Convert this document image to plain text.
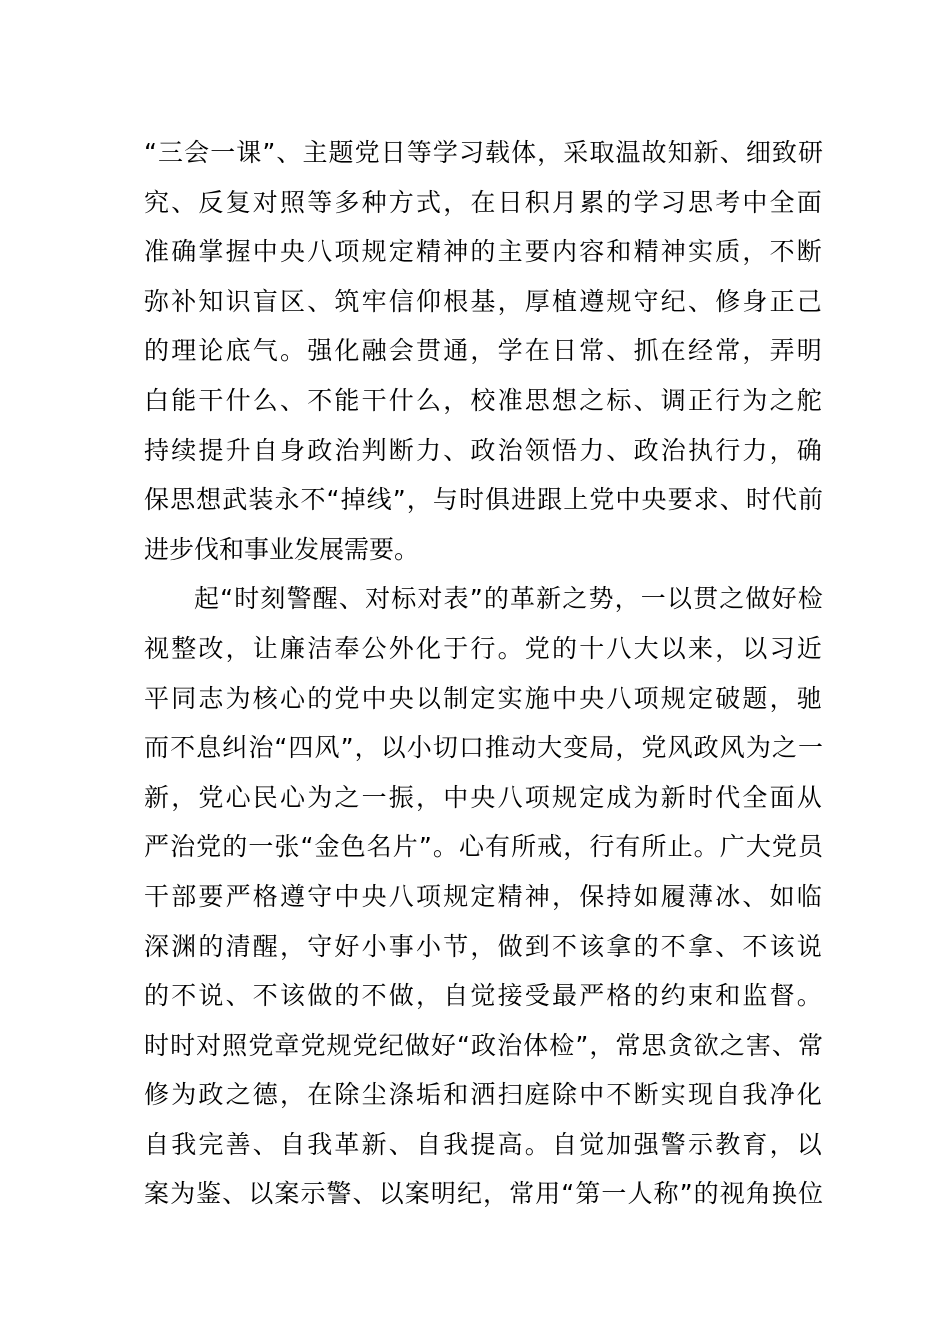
“三会一课”、主题党日等学习载体，采取温故知新、细致研
究、反复对照等多种方式，在日积月累的学习思考中全面
准确掌握中央八项规定精神的主要内容和精神实质，不断
弥补知识盲区、筑牢信仰根基，厚植遵规守纪、修身正己
的理论底气。强化融会贯通，学在日常、抓在经常，弄明
白能干什么、不能干什么，校准思想之标、调正行为之舵
持续提升自身政治判断力、政治领悟力、政治执行力，确
保思想武装永不“掉线”，与时俱进跟上党中央要求、时代前
进步伐和事业发展需要。
起“时刻警醒、对标对表”的革新之势，一以贯之做好检
视整改，让廉洁奉公外化于行。党的十八大以来，以习近
平同志为核心的党中央以制定实施中央八项规定破题，驰
而不息纠治“四风”，以小切口推动大变局，党风政风为之一
新，党心民心为之一振，中央八项规定成为新时代全面从
严治党的一张“金色名片”。心有所戒，行有所止。广大党员
干部要严格遵守中央八项规定精神，保持如履薄冰、如临
深渊的清醒，守好小事小节，做到不该拿的不拿、不该说
的不说、不该做的不做，自觉接受最严格的约束和监督。
时时对照党章党规党纪做好“政治体检”，常思贪欲之害、常
修为政之德，在除尘涤垢和洒扫庭除中不断实现自我净化
自我完善、自我革新、自我提高。自觉加强警示教育，以
案为鉴、以案示警、以案明纪，常用“第一人称”的视角换位
